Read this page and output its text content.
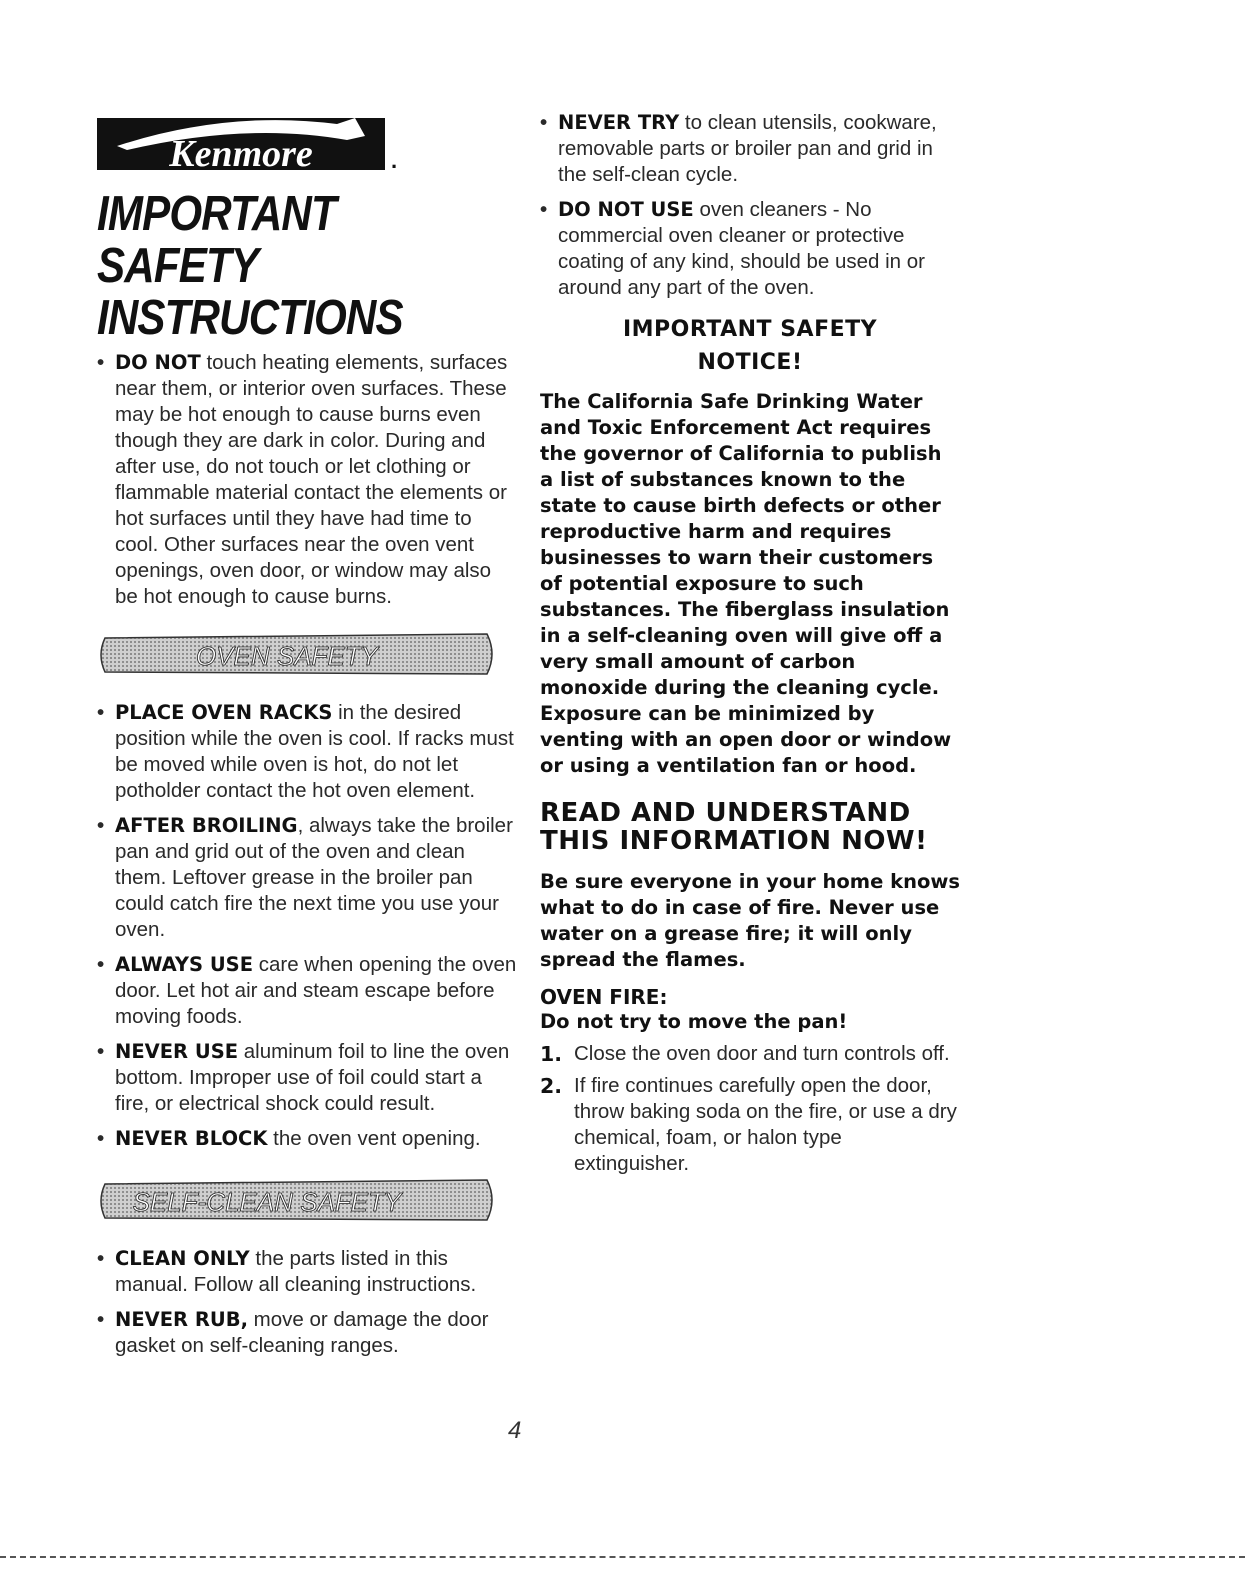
Kenmore	.
IMPORTANT SAFETY
INSTRUCTIONS
• DO NOT touch heating elements, surfaces near them, or interior oven surfaces. These may be hot enough to cause burns even though they are dark in color. During and after use, do not touch or let clothing or flammable material contact the elements or hot surfaces until they have had time to cool. Other surfaces near the oven vent openings, oven door, or window may also be hot enough to cause burns.
OVEN SAFETY
• PLACE OVEN RACKS in the desired position while the oven is cool. If racks must be moved while oven is hot, do not let potholder contact the hot oven element.
• AFTER BROILING, always take the broiler pan and grid out of the oven and clean them. Leftover grease in the broiler pan could catch fire the next time you use your oven.
• ALWAYS USE care when opening the oven door. Let hot air and steam escape before moving foods.
• NEVER USE aluminum foil to line the oven bottom. Improper use of foil could start a fire, or electrical shock could result.
• NEVER BLOCK the oven vent opening.
SELF-CLEAN SAFETY
• CLEAN ONLY the parts listed in this manual. Follow all cleaning instructions.
• NEVER RUB, move or damage the door gasket on self-cleaning ranges.
• NEVER TRY to clean utensils, cookware, removable parts or broiler pan and grid in the self-clean cycle.
• DO NOT USE oven cleaners - No commercial oven cleaner or protective coating of any kind, should be used in or around any part of the oven.
IMPORTANT SAFETY
NOTICE!

The California Safe Drinking Water and Toxic Enforcement Act requires the governor of California to publish a list of substances known to the state to cause birth defects or other reproductive harm and requires businesses to warn their customers of potential exposure to such substances. The fiberglass insulation in a self-cleaning oven will give off a very small amount of carbon monoxide during the cleaning cycle. Exposure can be minimized by venting with an open door or window or using a ventilation fan or hood.

READ AND UNDERSTAND THIS INFORMATION NOW!

Be sure everyone in your home knows what to do in case of fire. Never use water on a grease fire; it will only spread the flames.

OVEN FIRE:

Do not try to move the pan!

1. Close the oven door and turn controls off.
2. If fire continues carefully open the door, throw baking soda on the fire, or use a dry chemical, foam, or halon type extinguisher.
4
